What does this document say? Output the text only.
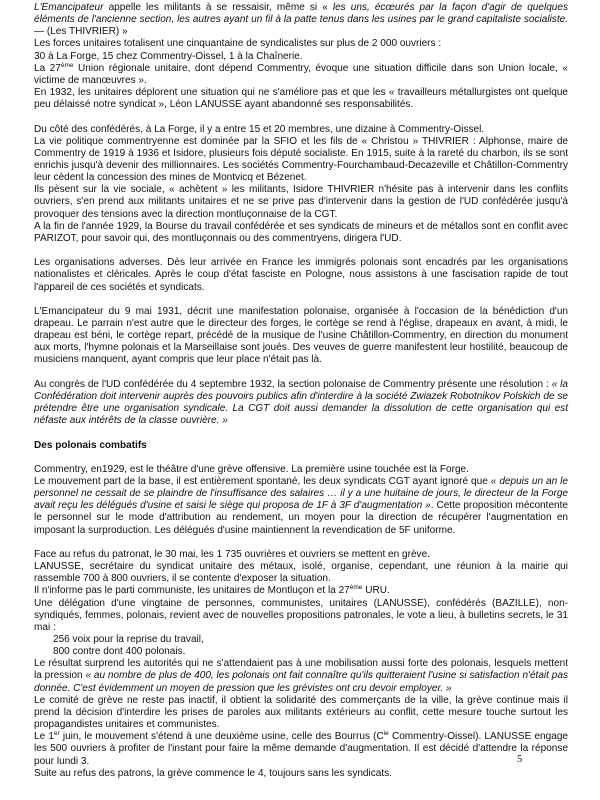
L'Emancipateur appelle les militants à se ressaisir, même si « les uns, écœurés par la façon d'agir de quelques éléments de l'ancienne section, les autres ayant un fil à la patte tenus dans les usines par le grand capitaliste socialiste. — (Les THIVRIER) »

Les forces unitaires totalisent une cinquantaine de syndicalistes sur plus de 2 000 ouvriers :

30 à La Forge, 15 chez Commentry-Oissel, 1 à la Chaînerie.

La 27ème Union régionale unitaire, dont dépend Commentry, évoque une situation difficile dans son Union locale, « victime de manœuvres ».

En 1932, les unitaires déplorent une situation qui ne s'améliore pas et que les « travailleurs métallurgistes ont quelque peu délaissé notre syndicat », Léon LANUSSE ayant abandonné ses responsabilités.

Du côté des confédérés, à La Forge, il y a entre 15 et 20 membres, une dizaine à Commentry-Oissel.

La vie politique commentryenne est dominée par la SFIO et les fils de « Christou » THIVRIER : Alphonse, maire de Commentry de 1919 à 1936 et Isidore, plusieurs fois député socialiste. En 1915, suite à la rareté du charbon, ils se sont enrichis jusqu'à devenir des millionnaires. Les sociétés Commentry-Fourchambaud-Decazeville et Châtillon-Commentry leur cèdent la concession des mines de Montvicq et Bézenet.

Ils pèsent sur la vie sociale, « achètent » les militants, Isidore THIVRIER n'hésite pas à intervenir dans les conflits ouvriers, s'en prend aux militants unitaires et ne se prive pas d'intervenir dans la gestion de l'UD confédérée jusqu'à provoquer des tensions avec la direction montluçonnaise de la CGT.

A la fin de l'année 1929, la Bourse du travail confédérée et ses syndicats de mineurs et de métallos sont en conflit avec PARIZOT, pour savoir qui, des montluçonnais ou des commentryens, dirigera l'UD.

Les organisations adverses. Dès leur arrivée en France les immigrés polonais sont encadrés par les organisations nationalistes et cléricales. Après le coup d'état fasciste en Pologne, nous assistons à une fascisation rapide de tout l'appareil de ces sociétés et syndicats.

L'Emancipateur du 9 mai 1931, décrit une manifestation polonaise, organisée à l'occasion de la bénédiction d'un drapeau. Le parrain n'est autre que le directeur des forges, le cortège se rend à l'église, drapeaux en avant, à midi, le drapeau est béni, le cortège repart, précédé de la musique de l'usine Châtillon-Commentry, en direction du monument aux morts, l'hymne polonais et la Marseillaise sont joués. Des veuves de guerre manifestent leur hostilité, beaucoup de musiciens manquent, ayant compris que leur place n'était pas là.

Au congrès de l'UD confédérée du 4 septembre 1932, la section polonaise de Commentry présente une résolution : « la Confédération doit intervenir auprès des pouvoirs publics afin d'interdire à la société Zwiazek Robotnikov Polskich de se prétendre être une organisation syndicale. La CGT doit aussi demander la dissolution de cette organisation qui est néfaste aux intérêts de la classe ouvrière. »

Des polonais combatifs

Commentry, en1929, est le théâtre d'une grève offensive. La première usine touchée est la Forge.

Le mouvement part de la base, il est entièrement spontané, les deux syndicats CGT ayant ignoré que « depuis un an le personnel ne cessait de se plaindre de l'insuffisance des salaires … il y a une huitaine de jours, le directeur de la Forge avait reçu les délégués d'usine et saisi le siège qui proposa de 1F à 3F d'augmentation ». Cette proposition mécontente le personnel sur le mode d'attribution au rendement, un moyen pour la direction de récupérer l'augmentation en imposant la surproduction. Les délégués d'usine maintiennent la revendication de 5F uniforme.

Face au refus du patronat, le 30 mai, les 1 735 ouvrières et ouvriers se mettent en grève.

LANUSSE, secrétaire du syndicat unitaire des métaux, isolé, organise, cependant, une réunion à la mairie qui rassemble 700 à 800 ouvriers, il se contente d'exposer la situation.

Il n'informe pas le parti communiste, les unitaires de Montluçon et la 27ème URU.

Une délégation d'une vingtaine de personnes, communistes, unitaires (LANUSSE), confédérés (BAZILLE), non-syndiqués, femmes, polonais, revient avec de nouvelles propositions patronales, le vote a lieu, à bulletins secrets, le 31 mai :

256 voix pour la reprise du travail,

800 contre dont 400 polonais.

Le résultat surprend les autorités qui ne s'attendaient pas à une mobilisation aussi forte des polonais, lesquels mettent la pression « au nombre de plus de 400, les polonais ont fait connaître qu'ils quitteraient l'usine si satisfaction n'était pas donnée. C'est évidemment un moyen de pression que les grévistes ont cru devoir employer. »

Le comité de grève ne reste pas inactif, il obtient la solidarité des commerçants de la ville, la grève continue mais il prend la décision d'interdire les prises de paroles aux militants extérieurs au conflit, cette mesure touche surtout les propagandistes unitaires et communistes.

Le 1er juin, le mouvement s'étend à une deuxième usine, celle des Bourrus ($C^{ie}$ Commentry-Oissel). LANUSSE engage les 500 ouvriers à profiter de l'instant pour faire la même demande d'augmentation. Il est décidé d'attendre la réponse pour lundi 3.

Suite au refus des patrons, la grève commence le 4, toujours sans les syndicats.

5
